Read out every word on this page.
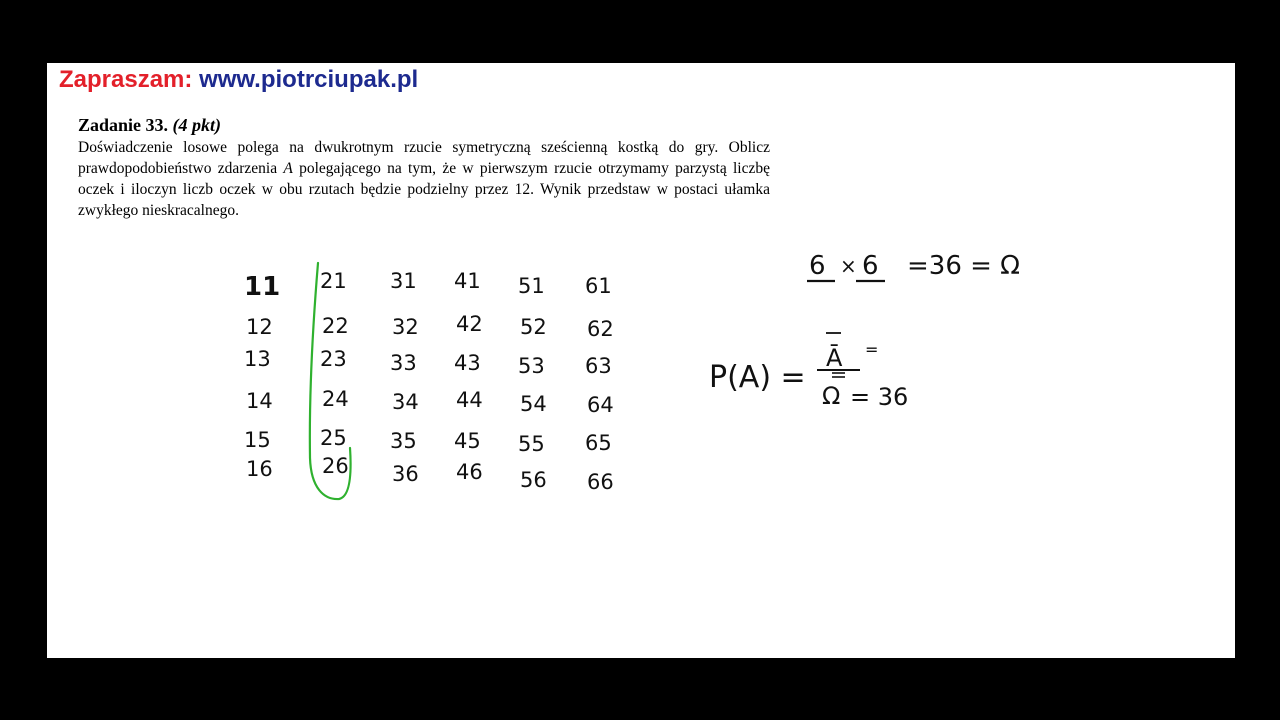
Zapraszam: www.piotrciupak.pl

Zadanie 33. (4 pkt)

Doświadczenie losowe polega na dwukrotnym rzucie symetryczną sześcienną kostką do gry. Oblicz prawdopodobieństwo zdarzenia A polegającego na tym, że w pierwszym rzucie otrzymamy parzystą liczbę oczek i iloczyn liczb oczek w obu rzutach będzie podzielny przez 12. Wynik przedstaw w postaci ułamka zwykłego nieskracalnego.

11
12
13
14
15
16
21
22
23
24
25
26
31
32
33
34
35
36
41
42
43
44
45
46
51
52
53
54
55
56
61
62
63
64
65
66
6 × 6 =36 = Ω
P(A) =
Ā =
Ω = 36
